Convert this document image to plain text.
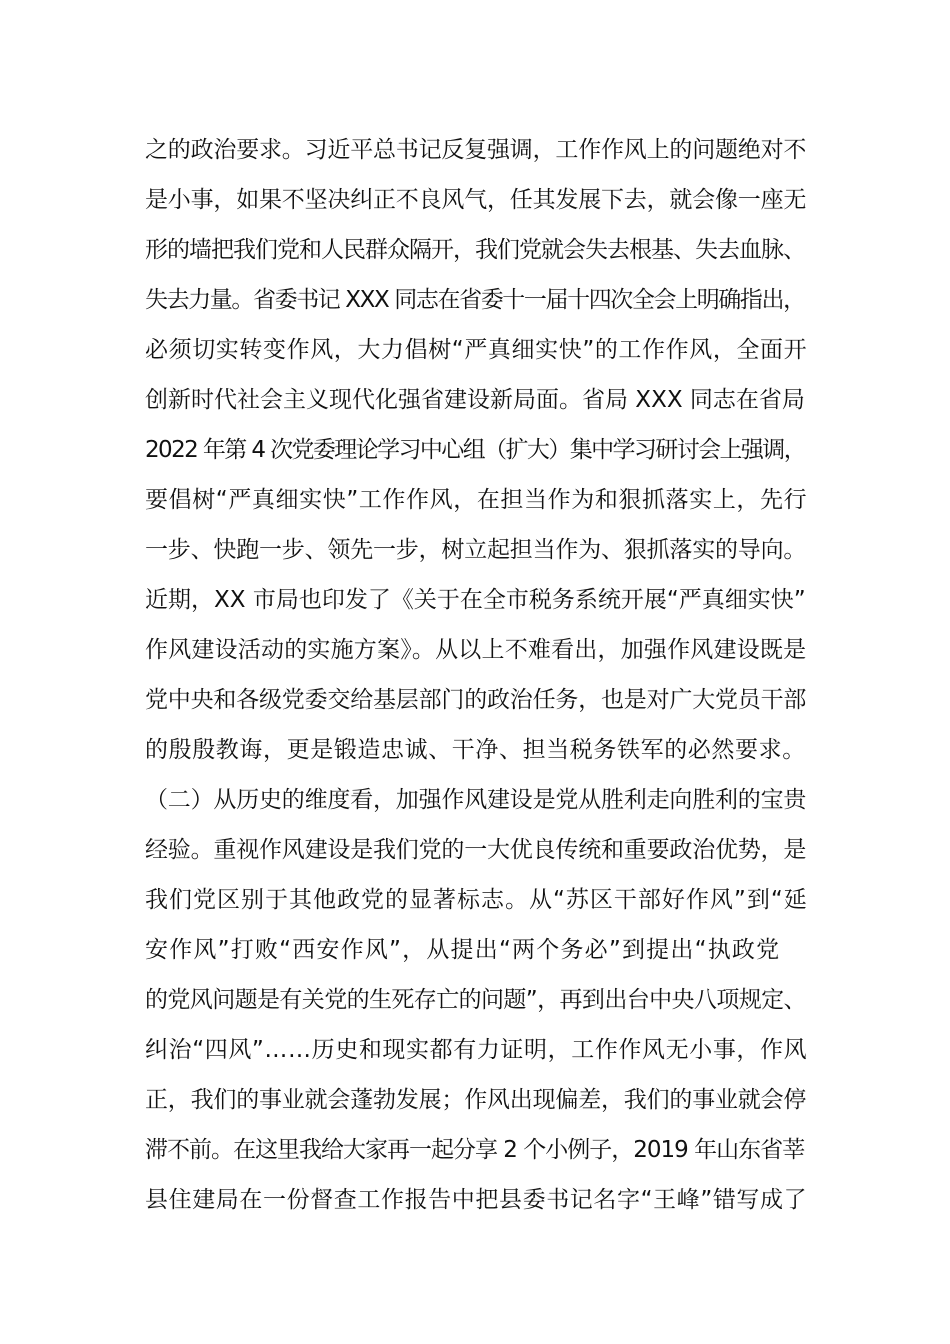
之的政治要求。习近平总书记反复强调，工作作风上的问题绝对不
是小事，如果不坚决纠正不良风气，任其发展下去，就会像一座无
形的墙把我们党和人民群众隔开，我们党就会失去根基、失去血脉、
失去力量。省委书记 XXX 同志在省委十一届十四次全会上明确指出，
必须切实转变作风，大力倡树“严真细实快”的工作作风，全面开
创新时代社会主义现代化强省建设新局面。省局 XXX 同志在省局
2022 年第 4 次党委理论学习中心组（扩大）集中学习研讨会上强调，
要倡树“严真细实快”工作作风，在担当作为和狠抓落实上，先行
一步、快跑一步、领先一步，树立起担当作为、狠抓落实的导向。
近期，XX 市局也印发了《关于在全市税务系统开展“严真细实快”
作风建设活动的实施方案》。从以上不难看出，加强作风建设既是
党中央和各级党委交给基层部门的政治任务，也是对广大党员干部
的殷殷教诲，更是锻造忠诚、干净、担当税务铁军的必然要求。
（二）从历史的维度看，加强作风建设是党从胜利走向胜利的宝贵
经验。重视作风建设是我们党的一大优良传统和重要政治优势，是
我们党区别于其他政党的显著标志。从“苏区干部好作风”到“延
安作风”打败“西安作风”，从提出“两个务必”到提出“执政党
的党风问题是有关党的生死存亡的问题”，再到出台中央八项规定、
纠治“四风”……历史和现实都有力证明，工作作风无小事，作风
正，我们的事业就会蓬勃发展；作风出现偏差，我们的事业就会停
滞不前。在这里我给大家再一起分享 2 个小例子，2019 年山东省莘
县住建局在一份督查工作报告中把县委书记名字“王峰”错写成了
